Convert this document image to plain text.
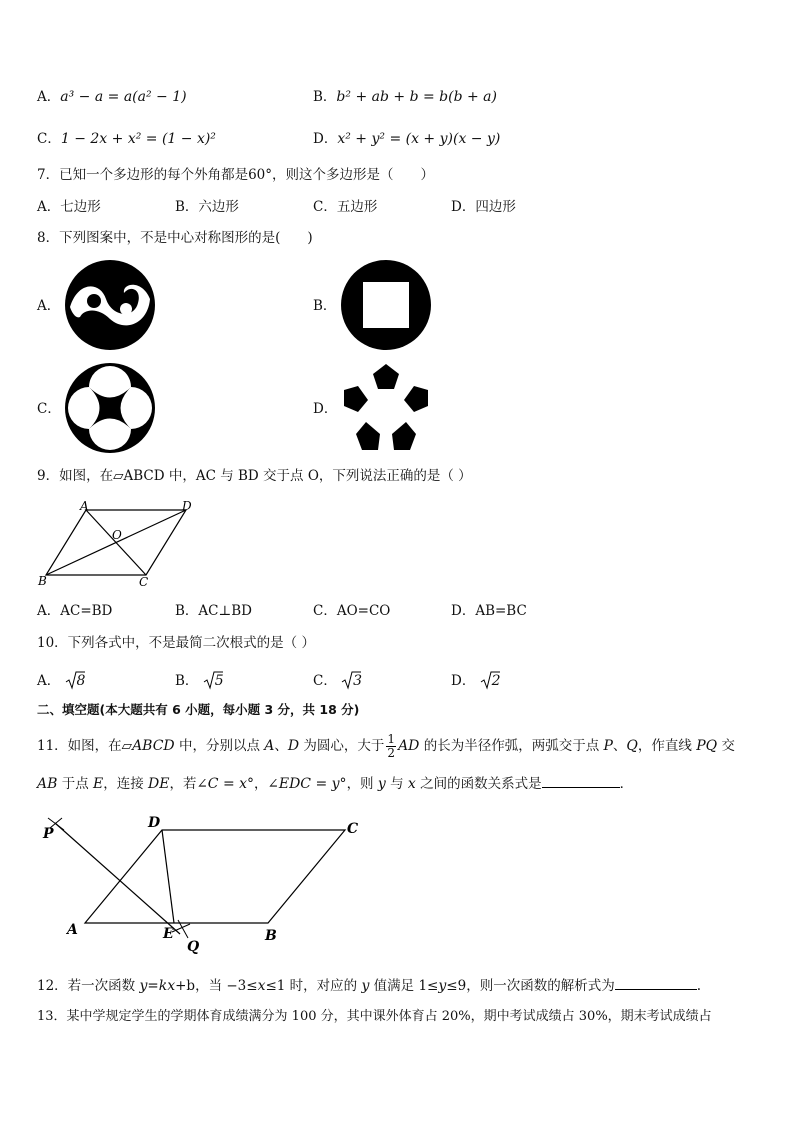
A．a³ − a = a(a² − 1)	B．b² + ab + b = b(b + a)
C．1 − 2x + x² = (1 − x)²	D．x² + y² = (x + y)(x − y)
7．已知一个多边形的每个外角都是60°，则这个多边形是（　　）
A．七边形	B．六边形	C．五边形	D．四边形
8．下列图案中，不是中心对称图形的是(　　)
A．	B．
C．	D．
9．如图，在▱ABCD 中，AC 与 BD 交于点 O，下列说法正确的是（ ）
A	D
O
B	C
A．AC=BD	B．AC⊥BD	C．AO=CO	D．AB=BC
10．下列各式中，不是最简二次根式的是（ ）
A． 8	B． 5	C． 3	D． 2
二、填空题(本大题共有 6 小题，每小题 3 分，共 18 分)
11．如图，在▱ABCD 中，分别以点 A、D 为圆心，大于 $\frac{1}{2}$ AD 的长为半径作弧，两弧交于点 P、Q，作直线 PQ 交
AB 于点 E，连接 DE，若∠C = x°，∠EDC = y°，则 y 与 x 之间的函数关系式是	．
P
D	C
A	E
Q
B
12．若一次函数 y=kx+b，当 −3≤x≤1 时，对应的 y 值满足 1≤y≤9，则一次函数的解析式为	.
13．某中学规定学生的学期体育成绩满分为 100 分，其中课外体育占 20%，期中考试成绩占 30%，期末考试成绩占
